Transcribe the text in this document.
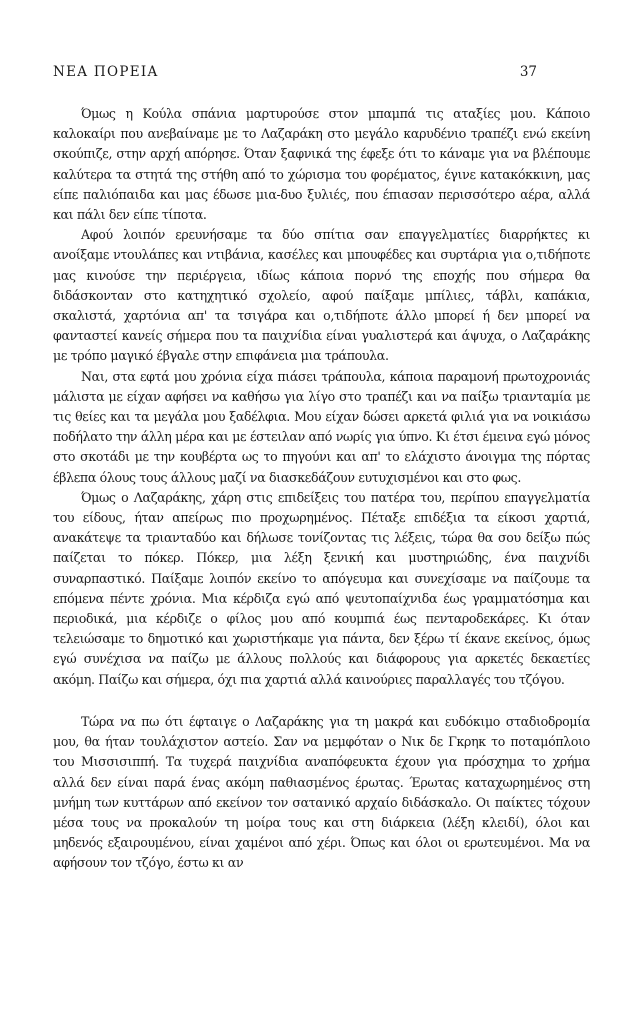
ΝΕΑ ΠΟΡΕΙΑ	37

Όμως η Κούλα σπάνια μαρτυρούσε στον μπαμπά τις αταξίες μου. Κάποιο καλοκαίρι που ανεβαίναμε με το Λαζαράκη στο μεγάλο καρυδένιο τραπέζι ενώ εκείνη σκούπιζε, στην αρχή απόρησε. Όταν ξαφνικά της έφεξε ότι το κάναμε για να βλέπουμε καλύτερα τα στητά της στήθη από το χώρισμα του φορέματος, έγινε κατακόκκινη, μας είπε παλιόπαιδα και μας έδωσε μια-δυο ξυλιές, που έπιασαν περισσότερο αέρα, αλλά και πάλι δεν είπε τίποτα.

Αφού λοιπόν ερευνήσαμε τα δύο σπίτια σαν επαγγελματίες διαρρήκτες κι ανοίξαμε ντουλάπες και ντιβάνια, κασέλες και μπουφέδες και συρτάρια για ο,τιδήποτε μας κινούσε την περιέργεια, ιδίως κάποια πορνό της εποχής που σήμερα θα διδάσκονταν στο κατηχητικό σχολείο, αφού παίξαμε μπίλιες, τάβλι, καπάκια, σκαλιστά, χαρτόνια απ' τα τσιγάρα και ο,τιδήποτε άλλο μπορεί ή δεν μπορεί να φανταστεί κανείς σήμερα που τα παιχνίδια είναι γυαλιστερά και άψυχα, ο Λαζαράκης με τρόπο μαγικό έβγαλε στην επιφάνεια μια τράπουλα.

Ναι, στα εφτά μου χρόνια είχα πιάσει τράπουλα, κάποια παραμονή πρωτοχρονιάς μάλιστα με είχαν αφήσει να καθήσω για λίγο στο τραπέζι και να παίξω τριανταμία με τις θείες και τα μεγάλα μου ξαδέλφια. Μου είχαν δώσει αρκετά φιλιά για να νοικιάσω ποδήλατο την άλλη μέρα και με έστειλαν από νωρίς για ύπνο. Κι έτσι έμεινα εγώ μόνος στο σκοτάδι με την κουβέρτα ως το πηγούνι και απ' το ελάχιστο άνοιγμα της πόρτας έβλεπα όλους τους άλλους μαζί να διασκεδάζουν ευτυχισμένοι και στο φως.

Όμως ο Λαζαράκης, χάρη στις επιδείξεις του πατέρα του, περίπου επαγγελματία του είδους, ήταν απείρως πιο προχωρημένος. Πέταξε επιδέξια τα είκοσι χαρτιά, ανακάτεψε τα τριανταδύο και δήλωσε τονίζοντας τις λέξεις, τώρα θα σου δείξω πώς παίζεται το πόκερ. Πόκερ, μια λέξη ξενική και μυστηριώδης, ένα παιχνίδι συναρπαστικό. Παίξαμε λοιπόν εκείνο το απόγευμα και συνεχίσαμε να παίζουμε τα επόμενα πέντε χρόνια. Μια κέρδιζα εγώ από ψευτοπαίχνιδα έως γραμματόσημα και περιοδικά, μια κέρδιζε ο φίλος μου από κουμπιά έως πενταροδεκάρες. Κι όταν τελειώσαμε το δημοτικό και χωριστήκαμε για πάντα, δεν ξέρω τί έκανε εκείνος, όμως εγώ συνέχισα να παίζω με άλλους πολλούς και διάφορους για αρκετές δεκαετίες ακόμη. Παίζω και σήμερα, όχι πια χαρτιά αλλά καινούριες παραλλαγές του τζόγου.

Τώρα να πω ότι έφταιγε ο Λαζαράκης για τη μακρά και ευδόκιμο σταδιοδρομία μου, θα ήταν τουλάχιστον αστείο. Σαν να μεμφόταν ο Νικ δε Γκρηκ το ποταμόπλοιο του Μισσισιππή. Τα τυχερά παιχνίδια αναπόφευκτα έχουν για πρόσχημα το χρήμα αλλά δεν είναι παρά ένας ακόμη παθιασμένος έρωτας. Έρωτας καταχωρημένος στη μνήμη των κυττάρων από εκείνον τον σατανικό αρχαίο διδάσκαλο. Οι παίκτες τόχουν μέσα τους να προκαλούν τη μοίρα τους και στη διάρκεια (λέξη κλειδί), όλοι και μηδενός εξαιρουμένου, είναι χαμένοι από χέρι. Όπως και όλοι οι ερωτευμένοι. Μα να αφήσουν τον τζόγο, έστω κι αν
